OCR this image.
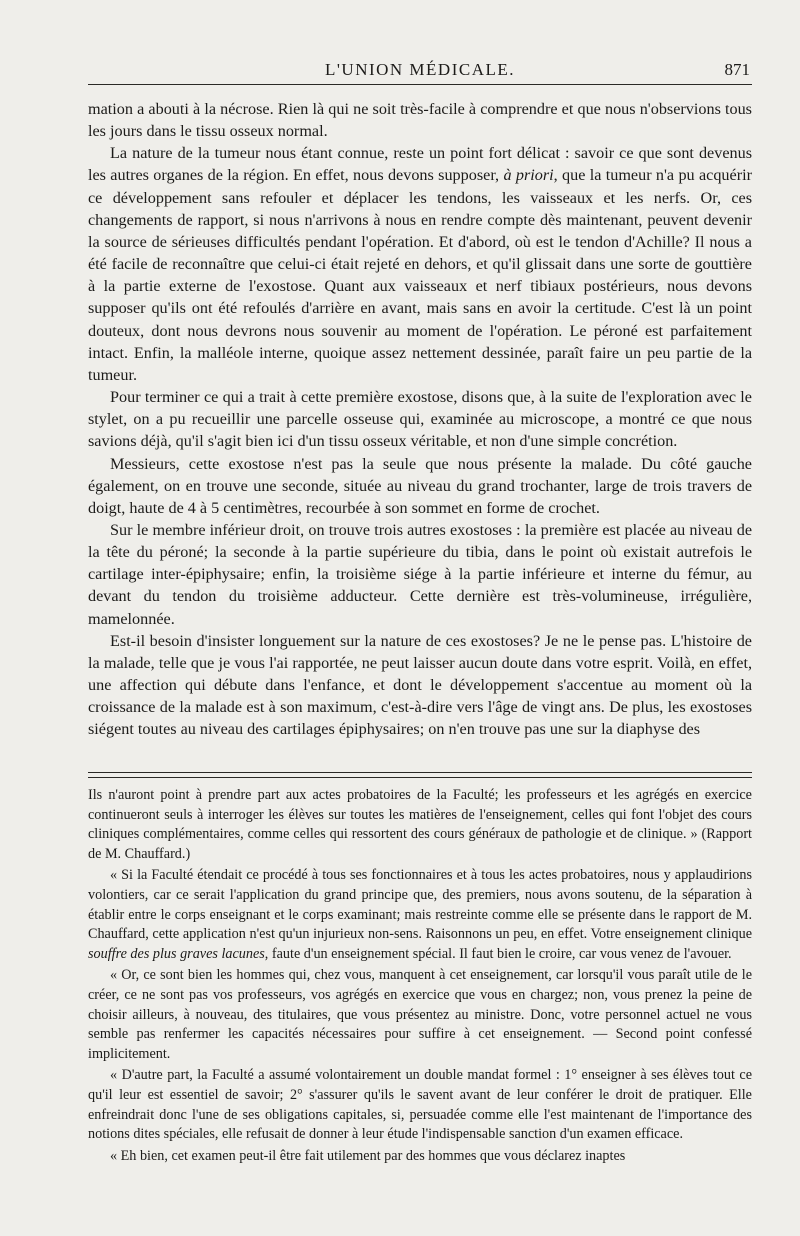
L'UNION MÉDICALE.	871

mation a abouti à la nécrose. Rien là qui ne soit très-facile à comprendre et que nous n'observions tous les jours dans le tissu osseux normal.

La nature de la tumeur nous étant connue, reste un point fort délicat : savoir ce que sont devenus les autres organes de la région. En effet, nous devons supposer, à priori, que la tumeur n'a pu acquérir ce développement sans refouler et déplacer les tendons, les vaisseaux et les nerfs. Or, ces changements de rapport, si nous n'arrivons à nous en rendre compte dès maintenant, peuvent devenir la source de sérieuses difficultés pendant l'opération. Et d'abord, où est le tendon d'Achille? Il nous a été facile de reconnaître que celui-ci était rejeté en dehors, et qu'il glissait dans une sorte de gouttière à la partie externe de l'exostose. Quant aux vaisseaux et nerf tibiaux postérieurs, nous devons supposer qu'ils ont été refoulés d'arrière en avant, mais sans en avoir la certitude. C'est là un point douteux, dont nous devrons nous souvenir au moment de l'opération. Le péroné est parfaitement intact. Enfin, la malléole interne, quoique assez nettement dessinée, paraît faire un peu partie de la tumeur.

Pour terminer ce qui a trait à cette première exostose, disons que, à la suite de l'exploration avec le stylet, on a pu recueillir une parcelle osseuse qui, examinée au microscope, a montré ce que nous savions déjà, qu'il s'agit bien ici d'un tissu osseux véritable, et non d'une simple concrétion.

Messieurs, cette exostose n'est pas la seule que nous présente la malade. Du côté gauche également, on en trouve une seconde, située au niveau du grand trochanter, large de trois travers de doigt, haute de 4 à 5 centimètres, recourbée à son sommet en forme de crochet.

Sur le membre inférieur droit, on trouve trois autres exostoses : la première est placée au niveau de la tête du péroné; la seconde à la partie supérieure du tibia, dans le point où existait autrefois le cartilage inter-épiphysaire; enfin, la troisième siége à la partie inférieure et interne du fémur, au devant du tendon du troisième adducteur. Cette dernière est très-volumineuse, irrégulière, mamelonnée.

Est-il besoin d'insister longuement sur la nature de ces exostoses? Je ne le pense pas. L'histoire de la malade, telle que je vous l'ai rapportée, ne peut laisser aucun doute dans votre esprit. Voilà, en effet, une affection qui débute dans l'enfance, et dont le développement s'accentue au moment où la croissance de la malade est à son maximum, c'est-à-dire vers l'âge de vingt ans. De plus, les exostoses siégent toutes au niveau des cartilages épiphysaires; on n'en trouve pas une sur la diaphyse des

Ils n'auront point à prendre part aux actes probatoires de la Faculté; les professeurs et les agrégés en exercice continueront seuls à interroger les élèves sur toutes les matières de l'enseignement, celles qui font l'objet des cours cliniques complémentaires, comme celles qui ressortent des cours généraux de pathologie et de clinique. » (Rapport de M. Chauffard.)

« Si la Faculté étendait ce procédé à tous ses fonctionnaires et à tous les actes probatoires, nous y applaudirions volontiers, car ce serait l'application du grand principe que, des premiers, nous avons soutenu, de la séparation à établir entre le corps enseignant et le corps examinant; mais restreinte comme elle se présente dans le rapport de M. Chauffard, cette application n'est qu'un injurieux non-sens. Raisonnons un peu, en effet. Votre enseignement clinique souffre des plus graves lacunes, faute d'un enseignement spécial. Il faut bien le croire, car vous venez de l'avouer.

« Or, ce sont bien les hommes qui, chez vous, manquent à cet enseignement, car lorsqu'il vous paraît utile de le créer, ce ne sont pas vos professeurs, vos agrégés en exercice que vous en chargez; non, vous prenez la peine de choisir ailleurs, à nouveau, des titulaires, que vous présentez au ministre. Donc, votre personnel actuel ne vous semble pas renfermer les capacités nécessaires pour suffire à cet enseignement. — Second point confessé implicitement.

« D'autre part, la Faculté a assumé volontairement un double mandat formel : 1° enseigner à ses élèves tout ce qu'il leur est essentiel de savoir; 2° s'assurer qu'ils le savent avant de leur conférer le droit de pratiquer. Elle enfreindrait donc l'une de ses obligations capitales, si, persuadée comme elle l'est maintenant de l'importance des notions dites spéciales, elle refusait de donner à leur étude l'indispensable sanction d'un examen efficace.

« Eh bien, cet examen peut-il être fait utilement par des hommes que vous déclarez inaptes
